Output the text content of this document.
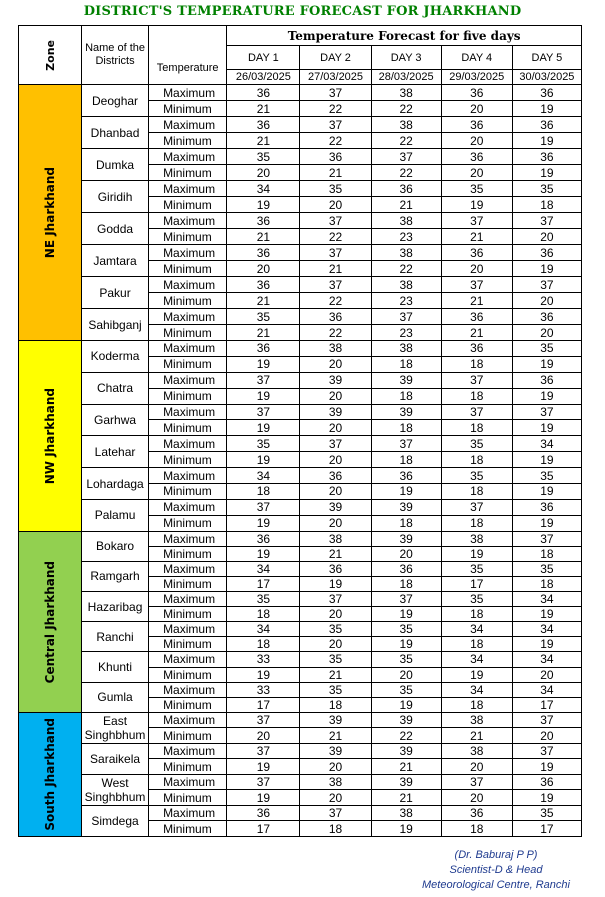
DISTRICT'S TEMPERATURE FORECAST FOR JHARKHAND
Zone	Name of the Districts	Temperature	Temperature Forecast for five days				
			DAY 1	DAY 2	DAY 3	DAY 4	DAY 5
			26/03/2025	27/03/2025	28/03/2025	29/03/2025	30/03/2025

NE Jharkhand	Deoghar	Maximum	36	37	38	36	36
		Minimum	21	22	22	20	19
	Dhanbad	Maximum	36	37	38	36	36
		Minimum	21	22	22	20	19
	Dumka	Maximum	35	36	37	36	36
		Minimum	20	21	22	20	19
	Giridih	Maximum	34	35	36	35	35
		Minimum	19	20	21	19	18
	Godda	Maximum	36	37	38	37	37
		Minimum	21	22	23	21	20
	Jamtara	Maximum	36	37	38	36	36
		Minimum	20	21	22	20	19
	Pakur	Maximum	36	37	38	37	37
		Minimum	21	22	23	21	20
	Sahibganj	Maximum	35	36	37	36	36
		Minimum	21	22	23	21	20

NW Jharkhand	Koderma	Maximum	36	38	38	36	35
		Minimum	19	20	18	18	19
	Chatra	Maximum	37	39	39	37	36
		Minimum	19	20	18	18	19
	Garhwa	Maximum	37	39	39	37	37
		Minimum	19	20	18	18	19
	Latehar	Maximum	35	37	37	35	34
		Minimum	19	20	18	18	19
	Lohardaga	Maximum	34	36	36	35	35
		Minimum	18	20	19	18	19
	Palamu	Maximum	37	39	39	37	36
		Minimum	19	20	18	18	19

Central Jharkhand	Bokaro	Maximum	36	38	39	38	37
		Minimum	19	21	20	19	18
	Ramgarh	Maximum	34	36	36	35	35
		Minimum	17	19	18	17	18
	Hazaribag	Maximum	35	37	37	35	34
		Minimum	18	20	19	18	19
	Ranchi	Maximum	34	35	35	34	34
		Minimum	18	20	19	18	19
	Khunti	Maximum	33	35	35	34	34
		Minimum	19	21	20	19	20
	Gumla	Maximum	33	35	35	34	34
		Minimum	17	18	19	18	17

South Jharkhand	East Singhbhum	Maximum	37	39	39	38	37
		Minimum	20	21	22	21	20
	Saraikela	Maximum	37	39	39	38	37
		Minimum	19	20	21	20	19
	West Singhbhum	Maximum	37	38	39	37	36
		Minimum	19	20	21	20	19
	Simdega	Maximum	36	37	38	36	35
		Minimum	17	18	19	18	17
(Dr. Baburaj P P)
Scientist-D & Head
Meteorological Centre, Ranchi
